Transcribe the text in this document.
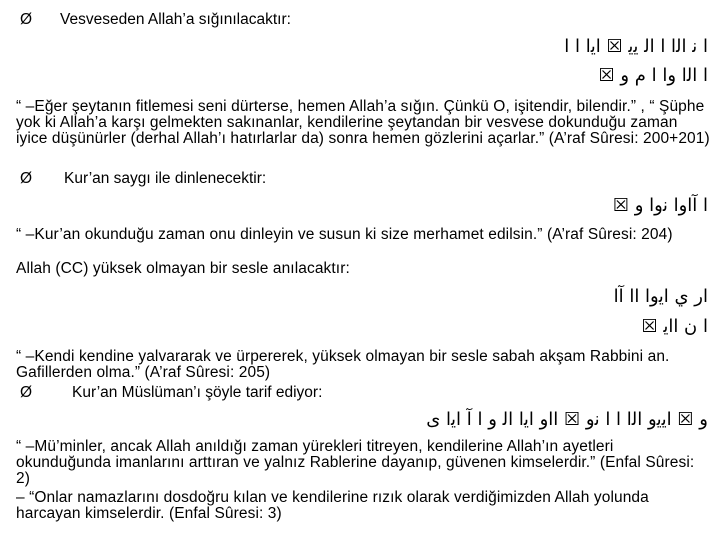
Ø Vesveseden Allah’a sığınılacaktır:
ا ﻧ ﺍﻟﺍ ﺍ ﺍﻟ ﻳﻳ ☒ ﺍﻳﺍ ﺍ ﺍ
ﺍ ﺍﻟﺍ ﻭﺍ ﺍ ﻡ ﻭ ☒
“ –Eğer şeytanın fitlemesi seni dürterse, hemen Allah’a sığın. Çünkü O, işitendir, bilendir.” , “ Şüphe yok ki Allah’a karşı gelmekten sakınanlar, kendilerine şeytandan bir vesvese dokunduğu zaman iyice düşünürler (derhal Allah’ı hatırlarlar da) sonra hemen gözlerini açarlar.” (A’raf Sûresi: 200+201)
Ø Kur’an saygı ile dinlenecektir:
ﺍ ﺍٓﺍﻭﺍ ﻧﻭﺍ ﻭ ☒
“ –Kur’an okunduğu zaman onu dinleyin ve susun ki size merhamet edilsin.” (A’raf Sûresi: 204)
Allah (CC) yüksek olmayan bir sesle anılacaktır:
ﺍﺭ ﻱ ﺍﻳﻭﺍ ﺍﺍ ﺍٓﺍ
ﺍ ﻥ ﺍﺍﻳ ☒
“ –Kendi kendine yalvararak ve ürpererek, yüksek olmayan bir sesle sabah akşam Rabbini an. Gafillerden olma.” (A’raf Sûresi: 205)
Ø	Kur’an Müslüman’ı şöyle tarif ediyor:
ﻭ ☒ ﺍﻳﻳﻭ ﺍﻟﺍ ﺍ ﺍ ﻧﻭ ☒ ﺍﺍﻭ ﺍﻳﺍ ﺍﻟ ﻭ ﺍ ﺍٓ ﺍﻳﺍ ﻯ
“ –Mü’minler, ancak Allah anıldığı zaman yürekleri titreyen, kendilerine Allah’ın ayetleri okunduğunda imanlarını arttıran ve yalnız Rablerine dayanıp, güvenen kimselerdir.” (Enfal Sûresi: 2)
– “Onlar namazlarını dosdoğru kılan ve kendilerine rızık olarak verdiğimizden Allah yolunda harcayan kimselerdir. (Enfal Sûresi: 3)
